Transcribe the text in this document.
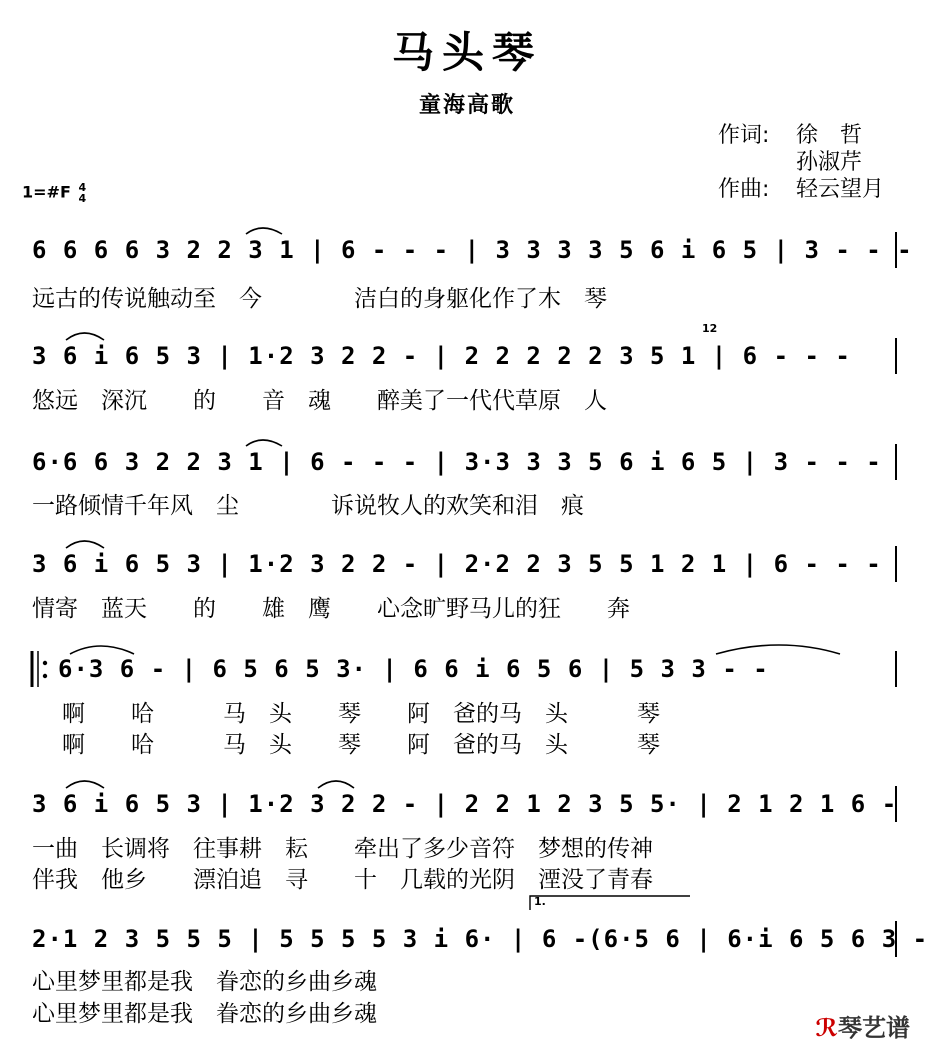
马头琴
童海高歌
作词: 徐　哲
孙淑芹
作曲: 轻云望月
1=#F 4
4
6 6 6 6 3 2 2 3 1 | 6 - - - | 3 3 3 3 5 6 i 6 5 | 3 - - -
远古的传说触动至　今　　　　洁白的身躯化作了木　琴
3 6 i 6 5 3 | 1·2 3 2 2 - | 2 2 2 2 2 3 5 1 | 6 - - -
悠远　深沉　　的　　音　魂　　醉美了一代代草原　人
12
6·6 6 3 2 2 3 1 | 6 - - - | 3·3 3 3 5 6 i 6 5 | 3 - - -
一路倾情千年风　尘　　　　诉说牧人的欢笑和泪　痕
3 6 i 6 5 3 | 1·2 3 2 2 - | 2·2 2 3 5 5 1 2 1 | 6 - - -
情寄　蓝天　　的　　雄　鹰　　心念旷野马儿的狂　　奔
6·3 6 - | 6 5 6 5 3· | 6 6 i 6 5 6 | 5 3 3 - -
啊　　哈　　　马　头　　琴　　阿　爸的马　头　　　琴
啊　　哈　　　马　头　　琴　　阿　爸的马　头　　　琴
3 6 i 6 5 3 | 1·2 3 2 2 - | 2 2 1 2 3 5 5· | 2 1 2 1 6 -
一曲　长调将　往事耕　耘　　牵出了多少音符　梦想的传神
伴我　他乡　　漂泊追　寻　　十　几载的光阴　湮没了青春
2·1 2 3 5 5 5 | 5 5 5 5 3 i 6· | 6 -(6·5 6 | 6·i 6 5 6 3 -
心里梦里都是我　眷恋的乡曲乡魂
心里梦里都是我　眷恋的乡曲乡魂
1.
ℛ琴艺谱
